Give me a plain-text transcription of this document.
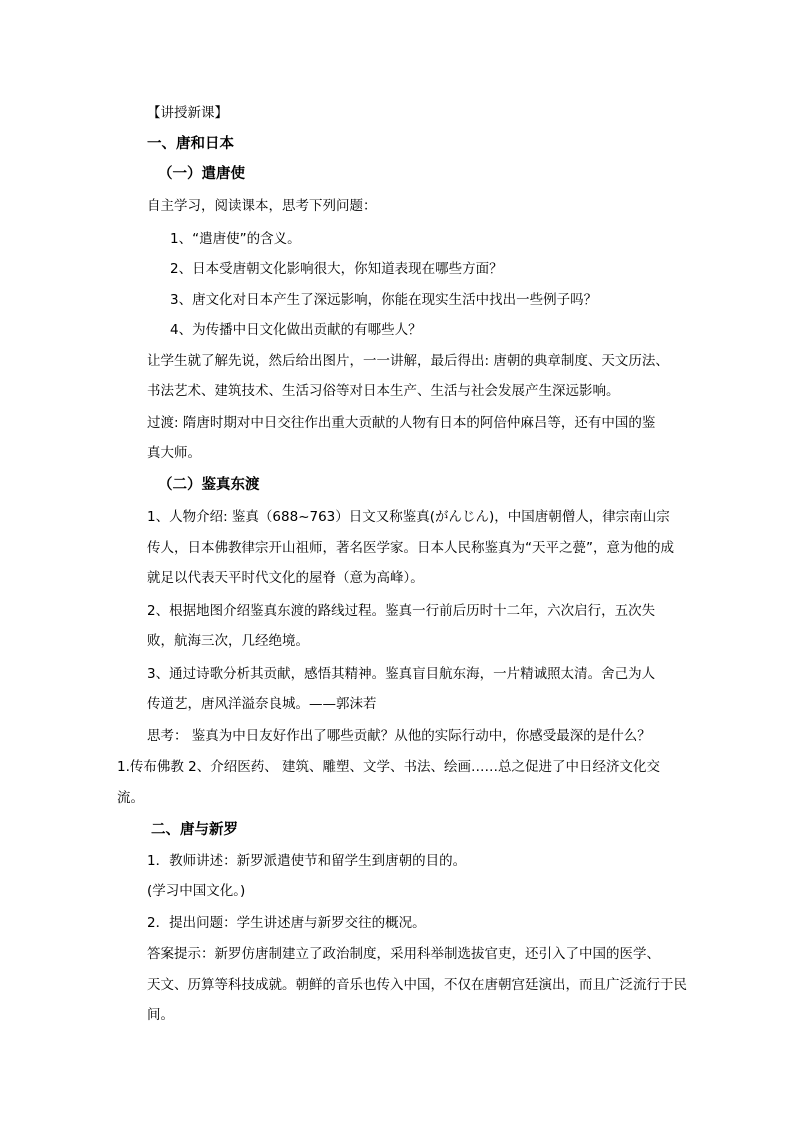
【讲授新课】
一、唐和日本
（一）遣唐使
自主学习，阅读课本，思考下列问题：
1、“遣唐使”的含义。
2、日本受唐朝文化影响很大，你知道表现在哪些方面？
3、唐文化对日本产生了深远影响，你能在现实生活中找出一些例子吗？
4、为传播中日文化做出贡献的有哪些人？
让学生就了解先说，然后给出图片，一一讲解，最后得出: 唐朝的典章制度、天文历法、
书法艺术、建筑技术、生活习俗等对日本生产、生活与社会发展产生深远影响。
过渡: 隋唐时期对中日交往作出重大贡献的人物有日本的阿倍仲麻吕等，还有中国的鉴
真大师。
（二）鉴真东渡
1、人物介绍: 鉴真（688~763）日文又称鉴真(がんじん)，中国唐朝僧人，律宗南山宗
传人，日本佛教律宗开山祖师，著名医学家。日本人民称鉴真为“天平之甍”，意为他的成
就足以代表天平时代文化的屋脊（意为高峰）。
2、根据地图介绍鉴真东渡的路线过程。鉴真一行前后历时十二年，六次启行，五次失
败，航海三次，几经绝境。
3、通过诗歌分析其贡献，感悟其精神。鉴真盲目航东海，一片精诚照太清。舍己为人
传道艺，唐风洋溢奈良城。——郭沫若
思考： 鉴真为中日友好作出了哪些贡献？从他的实际行动中，你感受最深的是什么？
1.传布佛教 2、介绍医药、 建筑、雕塑、文学、书法、绘画……总之促进了中日经济文化交
流。
二、唐与新罗
1．教师讲述：新罗派遣使节和留学生到唐朝的目的。
(学习中国文化。)
2．提出问题：学生讲述唐与新罗交往的概况。
答案提示：新罗仿唐制建立了政治制度，采用科举制选拔官吏，还引入了中国的医学、
天文、历算等科技成就。朝鲜的音乐也传入中国，不仅在唐朝宫廷演出，而且广泛流行于民
间。
